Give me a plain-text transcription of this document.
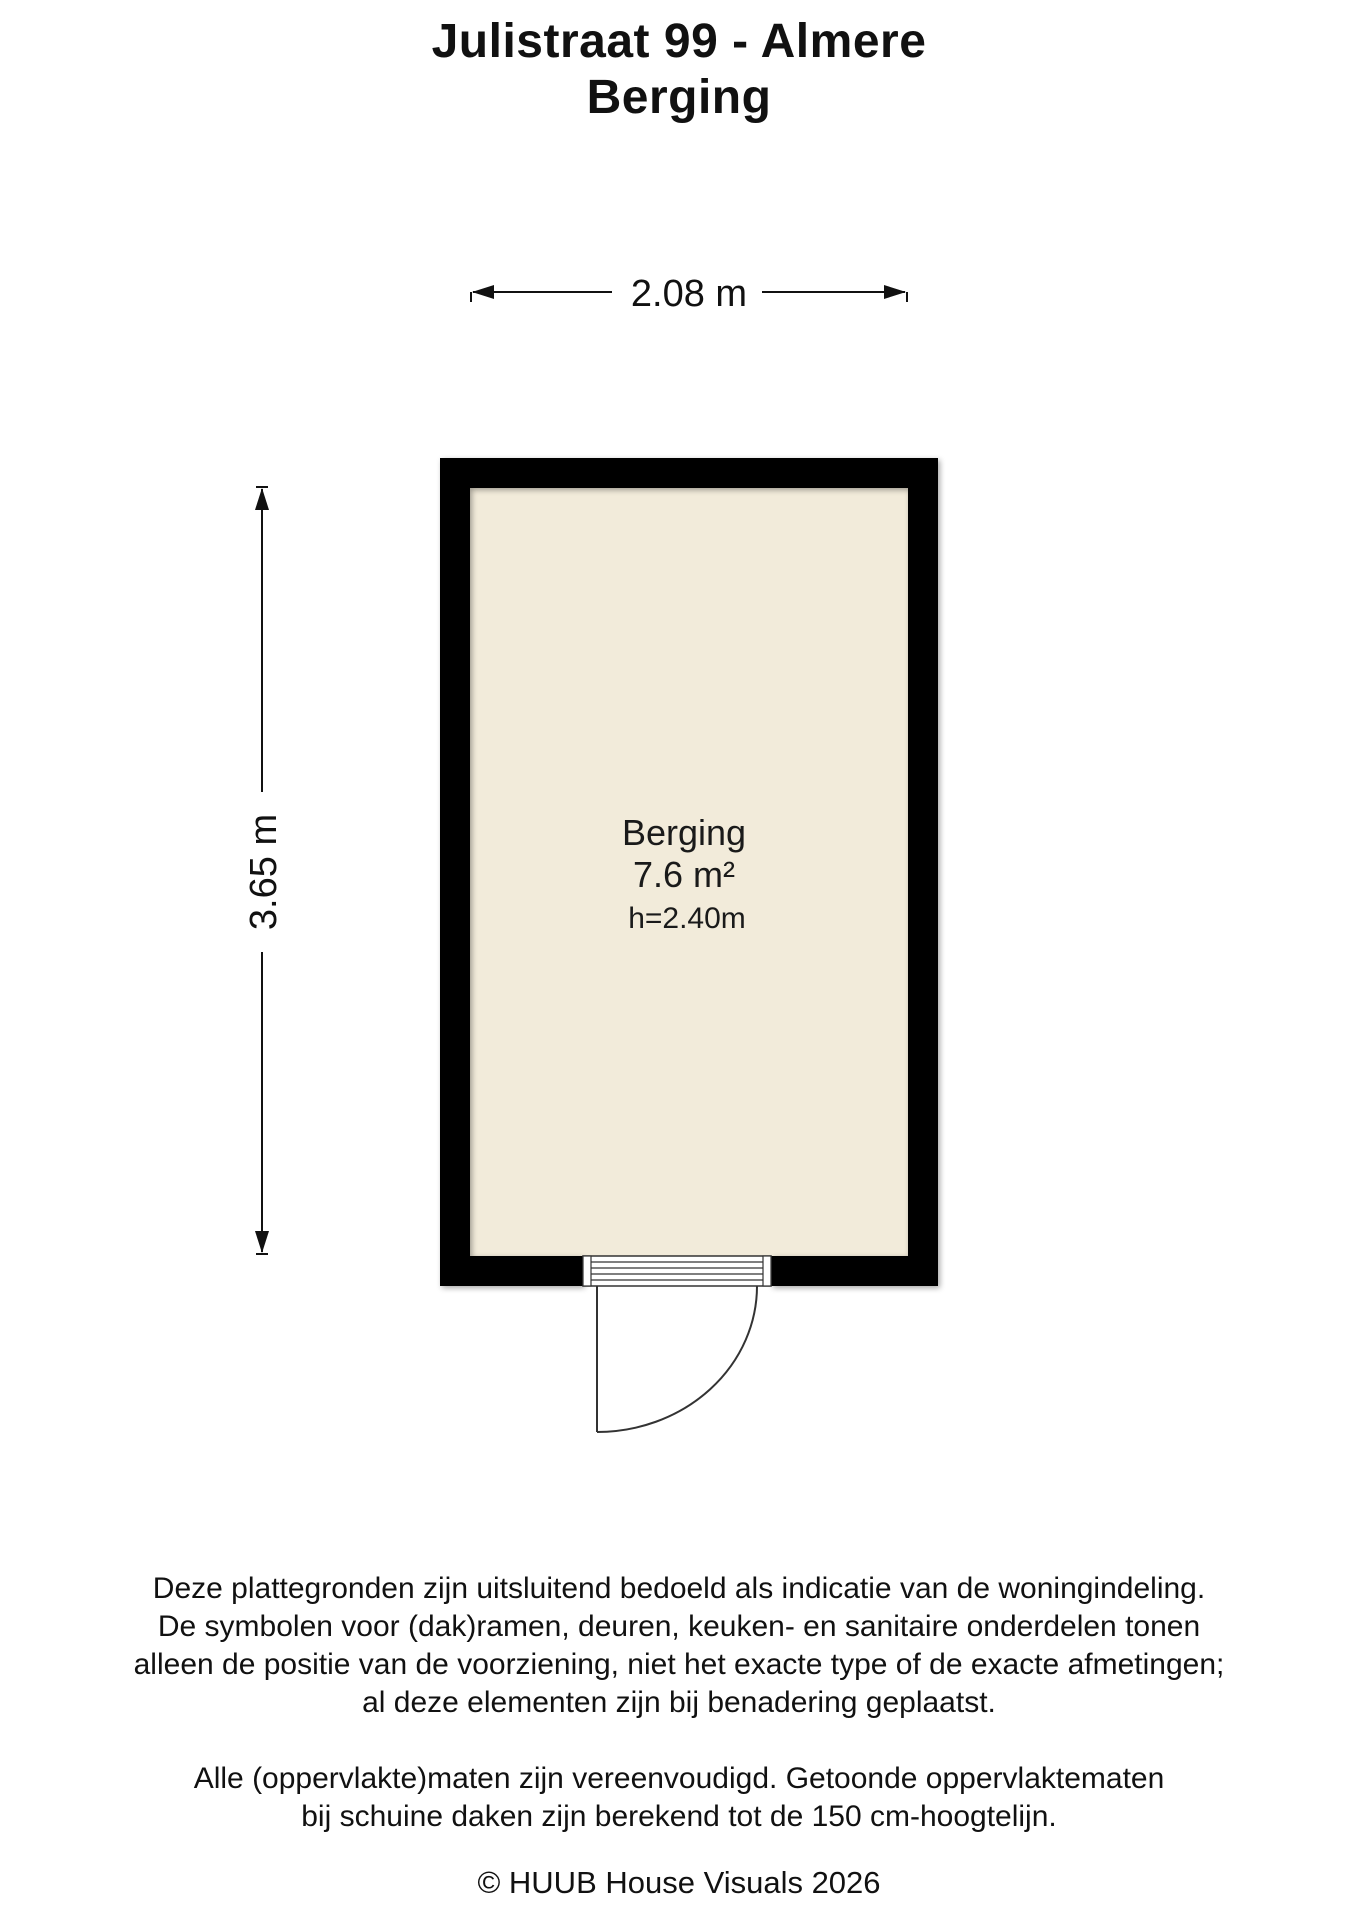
Julistraat 99 - Almere
Berging
2.08 m
3.65 m	Berging
7.6 m²
h=2.40m

Deze plattegronden zijn uitsluitend bedoeld als indicatie van de woningindeling.
De symbolen voor (dak)ramen, deuren, keuken- en sanitaire onderdelen tonen
alleen de positie van de voorziening, niet het exacte type of de exacte afmetingen;
al deze elementen zijn bij benadering geplaatst.

Alle (oppervlakte)maten zijn vereenvoudigd. Getoonde oppervlaktematen
bij schuine daken zijn berekend tot de 150 cm-hoogtelijn.

© HUUB House Visuals 2026
